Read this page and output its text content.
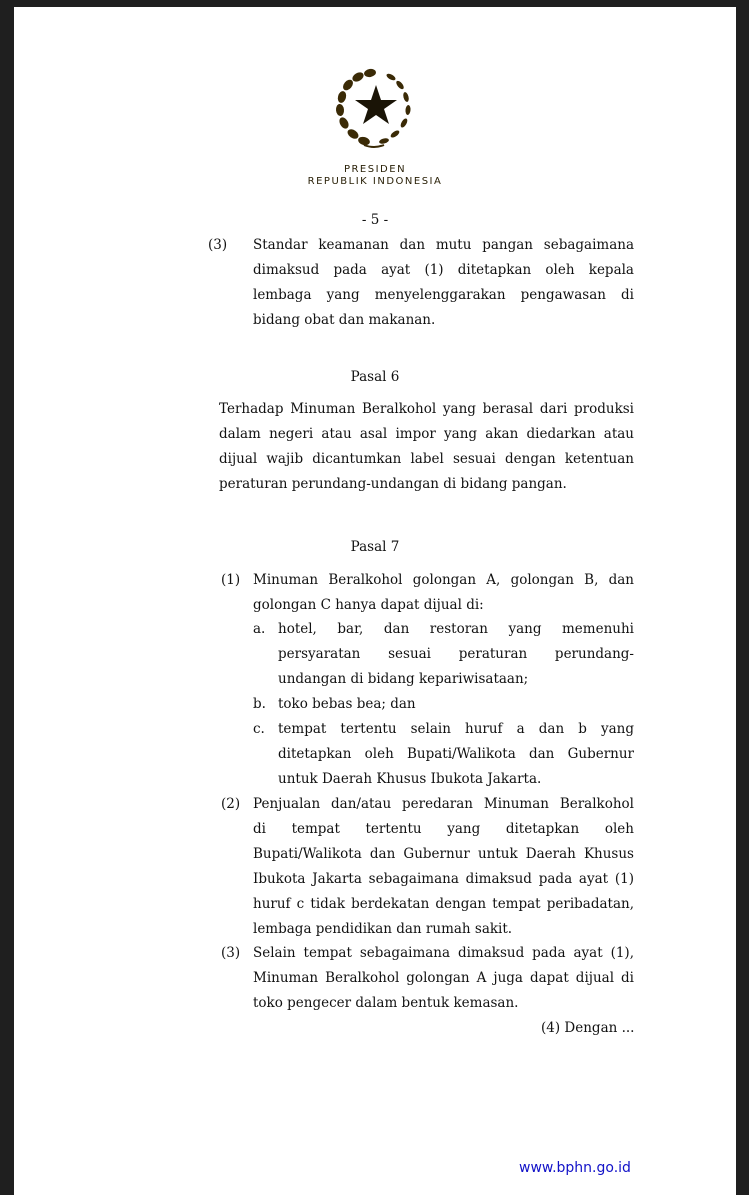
PRESIDEN
REPUBLIK INDONESIA
- 5 -
(3) Standar keamanan dan mutu pangan sebagaimana
dimaksud pada ayat (1) ditetapkan oleh kepala
lembaga yang menyelenggarakan pengawasan di
bidang obat dan makanan.
Pasal 6
Terhadap Minuman Beralkohol yang berasal dari produksi
dalam negeri atau asal impor yang akan diedarkan atau
dijual wajib dicantumkan label sesuai dengan ketentuan
peraturan perundang-undangan di bidang pangan.
Pasal 7
(1) Minuman Beralkohol golongan A, golongan B, dan
golongan C hanya dapat dijual di:
a. hotel, bar, dan restoran yang memenuhi
persyaratan sesuai peraturan perundang-
undangan di bidang kepariwisataan;
b. toko bebas bea; dan
c. tempat tertentu selain huruf a dan b yang
ditetapkan oleh Bupati/Walikota dan Gubernur
untuk Daerah Khusus Ibukota Jakarta.
(2) Penjualan dan/atau peredaran Minuman Beralkohol
di tempat tertentu yang ditetapkan oleh
Bupati/Walikota dan Gubernur untuk Daerah Khusus
Ibukota Jakarta sebagaimana dimaksud pada ayat (1)
huruf c tidak berdekatan dengan tempat peribadatan,
lembaga pendidikan dan rumah sakit.
(3) Selain tempat sebagaimana dimaksud pada ayat (1),
Minuman Beralkohol golongan A juga dapat dijual di
toko pengecer dalam bentuk kemasan.
(4) Dengan ...
www.bphn.go.id
